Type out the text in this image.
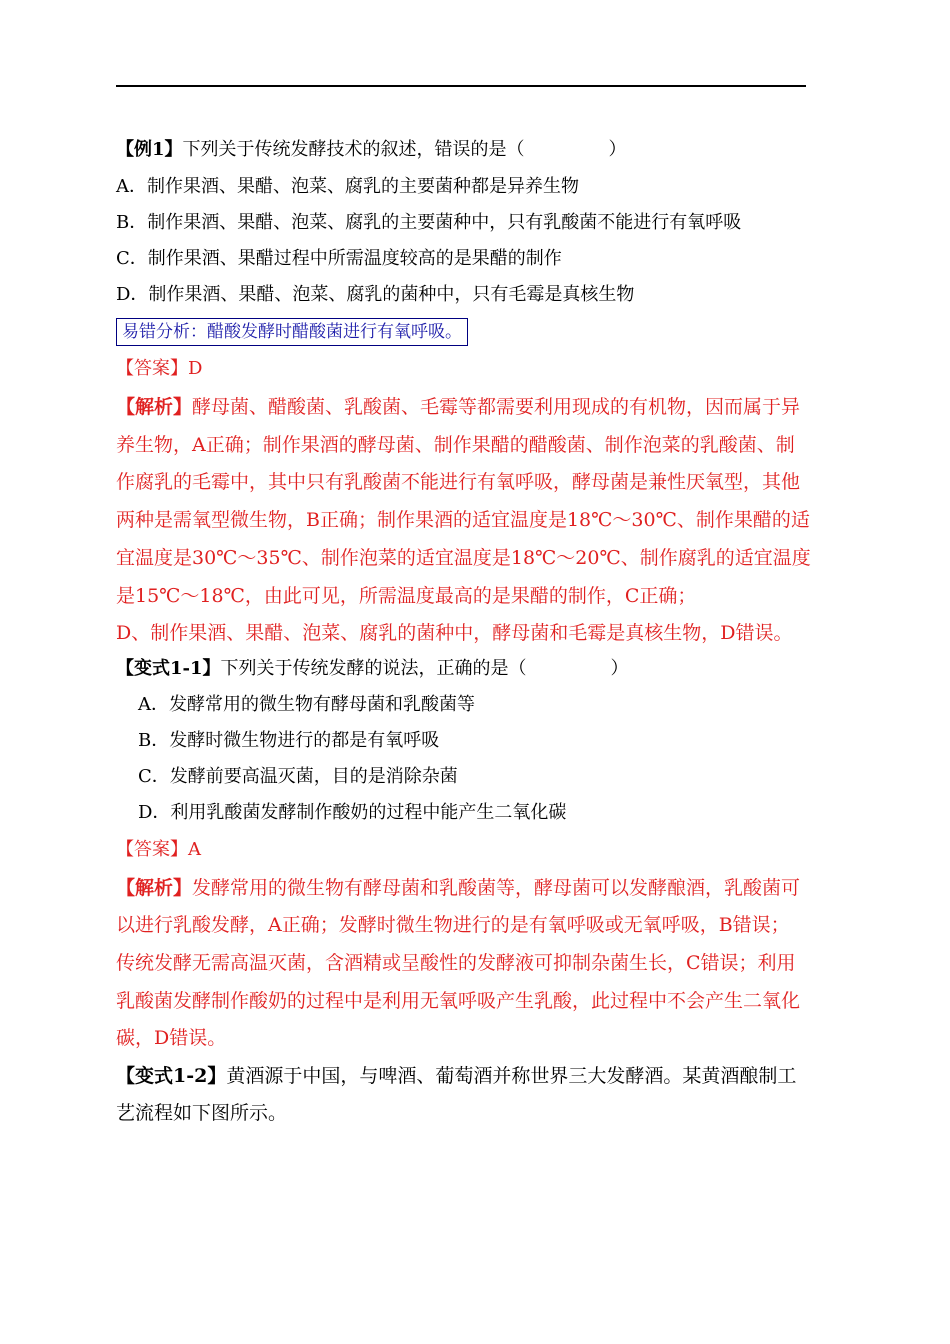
【例1】下列关于传统发酵技术的叙述，错误的是（	）
A．制作果酒、果醋、泡菜、腐乳的主要菌种都是异养生物
B．制作果酒、果醋、泡菜、腐乳的主要菌种中，只有乳酸菌不能进行有氧呼吸
C．制作果酒、果醋过程中所需温度较高的是果醋的制作
D．制作果酒、果醋、泡菜、腐乳的菌种中，只有毛霉是真核生物
易错分析：醋酸发酵时醋酸菌进行有氧呼吸。
【答案】D
【解析】酵母菌、醋酸菌、乳酸菌、毛霉等都需要利用现成的有机物，因而属于异
养生物，A正确；制作果酒的酵母菌、制作果醋的醋酸菌、制作泡菜的乳酸菌、制
作腐乳的毛霉中，其中只有乳酸菌不能进行有氧呼吸，酵母菌是兼性厌氧型，其他
两种是需氧型微生物，B正确；制作果酒的适宜温度是18℃～30℃、制作果醋的适
宜温度是30℃～35℃、制作泡菜的适宜温度是18℃～20℃、制作腐乳的适宜温度
是15℃～18℃，由此可见，所需温度最高的是果醋的制作，C正确；
D、制作果酒、果醋、泡菜、腐乳的菌种中，酵母菌和毛霉是真核生物，D错误。
【变式1-1】下列关于传统发酵的说法，正确的是（	）
A．发酵常用的微生物有酵母菌和乳酸菌等
B．发酵时微生物进行的都是有氧呼吸
C．发酵前要高温灭菌，目的是消除杂菌
D．利用乳酸菌发酵制作酸奶的过程中能产生二氧化碳
【答案】A
【解析】发酵常用的微生物有酵母菌和乳酸菌等，酵母菌可以发酵酿酒，乳酸菌可
以进行乳酸发酵，A正确；发酵时微生物进行的是有氧呼吸或无氧呼吸，B错误；
传统发酵无需高温灭菌，含酒精或呈酸性的发酵液可抑制杂菌生长，C错误；利用
乳酸菌发酵制作酸奶的过程中是利用无氧呼吸产生乳酸，此过程中不会产生二氧化
碳，D错误。
【变式1-2】黄酒源于中国，与啤酒、葡萄酒并称世界三大发酵酒。某黄酒酿制工
艺流程如下图所示。
